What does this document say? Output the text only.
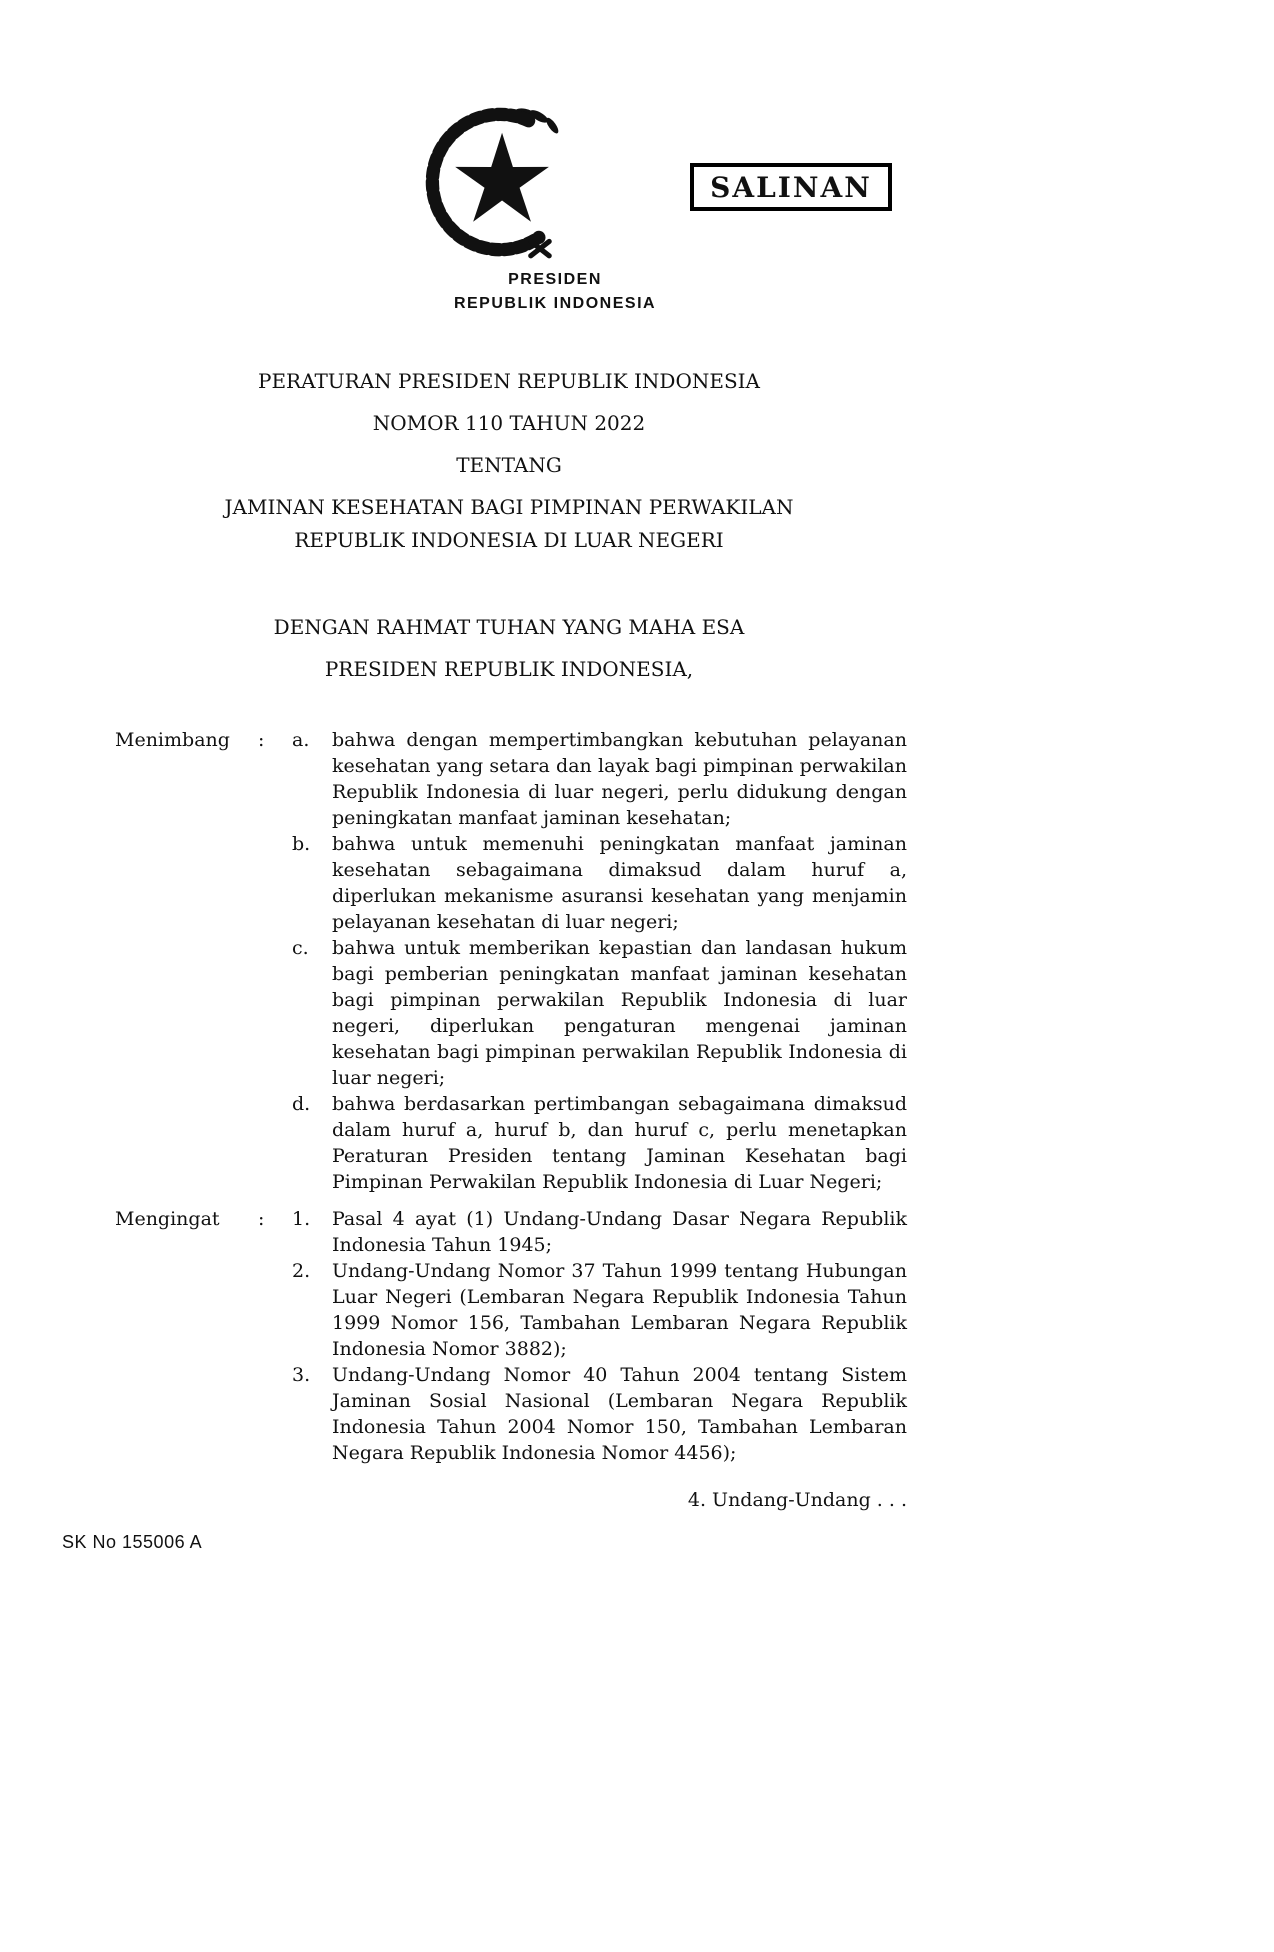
SALINAN
PRESIDEN
REPUBLIK INDONESIA
PERATURAN PRESIDEN REPUBLIK INDONESIA
NOMOR 110 TAHUN 2022
TENTANG
JAMINAN KESEHATAN BAGI PIMPINAN PERWAKILAN
REPUBLIK INDONESIA DI LUAR NEGERI
DENGAN RAHMAT TUHAN YANG MAHA ESA
PRESIDEN REPUBLIK INDONESIA,
Menimbang	:	a.	bahwa dengan mempertimbangkan kebutuhan pelayanan kesehatan yang setara dan layak bagi pimpinan perwakilan Republik Indonesia di luar negeri, perlu didukung dengan peningkatan manfaat jaminan kesehatan;
b.	bahwa untuk memenuhi peningkatan manfaat jaminan kesehatan sebagaimana dimaksud dalam huruf a, diperlukan mekanisme asuransi kesehatan yang menjamin pelayanan kesehatan di luar negeri;
c.	bahwa untuk memberikan kepastian dan landasan hukum bagi pemberian peningkatan manfaat jaminan kesehatan bagi pimpinan perwakilan Republik Indonesia di luar negeri, diperlukan pengaturan mengenai jaminan kesehatan bagi pimpinan perwakilan Republik Indonesia di luar negeri;
d.	bahwa berdasarkan pertimbangan sebagaimana dimaksud dalam huruf a, huruf b, dan huruf c, perlu menetapkan Peraturan Presiden tentang Jaminan Kesehatan bagi Pimpinan Perwakilan Republik Indonesia di Luar Negeri;
Mengingat	:	1.	Pasal 4 ayat (1) Undang-Undang Dasar Negara Republik Indonesia Tahun 1945;
2.	Undang-Undang Nomor 37 Tahun 1999 tentang Hubungan Luar Negeri (Lembaran Negara Republik Indonesia Tahun 1999 Nomor 156, Tambahan Lembaran Negara Republik Indonesia Nomor 3882);
3.	Undang-Undang Nomor 40 Tahun 2004 tentang Sistem Jaminan Sosial Nasional (Lembaran Negara Republik Indonesia Tahun 2004 Nomor 150, Tambahan Lembaran Negara Republik Indonesia Nomor 4456);
4. Undang-Undang . . .
SK No 155006 A
